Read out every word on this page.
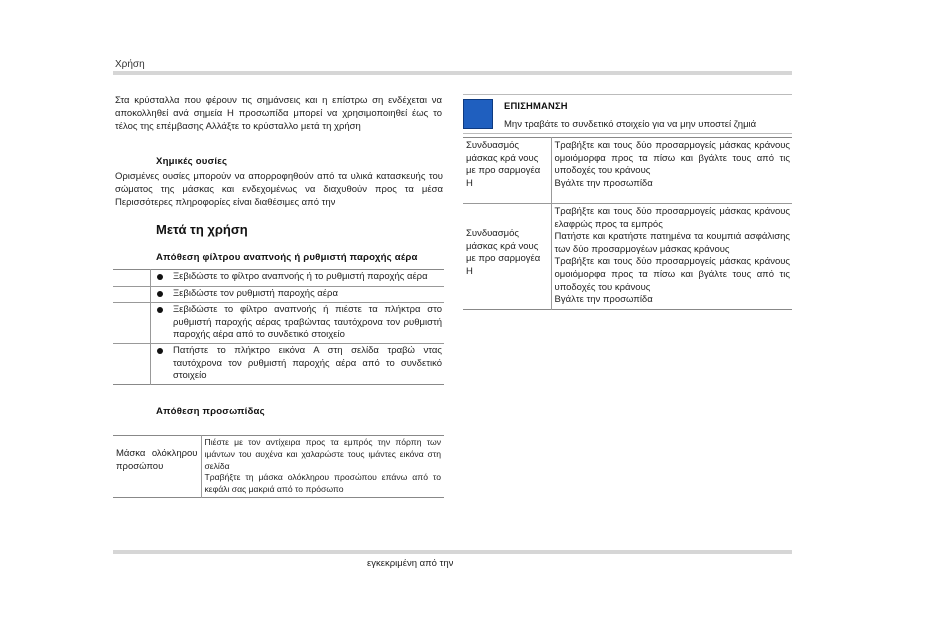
Χρήση
Στα κρύσταλλα που φέρουν τις σημάνσεις και η επίστρω ση ενδέχεται να αποκολληθεί ανά σημεία Η προσωπίδα μπορεί να χρησιμοποιηθεί έως το τέλος της επέμβασης Αλλάξτε το κρύσταλλο μετά τη χρήση
Χημικές ουσίες
Ορισμένες ουσίες μπορούν να απορροφηθούν από τα υλικά κατασκευής του σώματος της μάσκας και ενδεχομένως να διαχυθούν προς τα μέσα Περισσότερες πληροφορίες είναι διαθέσιμες από την
Μετά τη χρήση
Απόθεση φίλτρου αναπνοής ή ρυθμιστή παροχής αέρα
		Ξεβιδώστε το φίλτρο αναπνοής ή το ρυθμιστή παροχής αέρα
		Ξεβιδώστε τον ρυθμιστή παροχής αέρα
		Ξεβιδώστε το φίλτρο αναπνοής ή πιέστε τα πλήκτρα στο ρυθμιστή παροχής αέρας τραβώντας ταυτόχρονα τον ρυθμιστή παροχής αέρα από το συνδετικό στοιχείο
		Πατήστε το πλήκτρο εικόνα Α στη σελίδα τραβώ ντας ταυτόχρονα τον ρυθμιστή παροχής αέρα από το συνδετικό στοιχείο
Απόθεση προσωπίδας
Μάσκα ολόκληρου προσώπου	Πιέστε με τον αντίχειρα προς τα εμπρός την πόρπη των ιμάντων του αυχένα και χαλαρώστε τους ιμάντες εικόνα στη σελίδα
Τραβήξτε τη μάσκα ολόκληρου προσώπου επάνω από το κεφάλι σας μακριά από το πρόσωπο
ΕΠΙΣΗΜΑΝΣΗ
Μην τραβάτε το συνδετικό στοιχείο για να μην υποστεί ζημιά
Συνδυασμός μάσκας κρά νους με προ σαρμογέα H	Τραβήξτε και τους δύο προσαρμογείς μάσκας κράνους ομοιόμορφα προς τα πίσω και βγάλτε τους από τις υποδοχές του κράνους
Βγάλτε την προσωπίδα
Συνδυασμός μάσκας κρά νους με προ σαρμογέα H	Τραβήξτε και τους δύο προσαρμογείς μάσκας κράνους ελαφρώς προς τα εμπρός
Πατήστε και κρατήστε πατημένα τα κουμπιά ασφάλισης των δύο προσαρμογέων μάσκας κράνους
Τραβήξτε και τους δύο προσαρμογείς μάσκας κράνους ομοιόμορφα προς τα πίσω και βγάλτε τους από τις υποδοχές του κράνους
Βγάλτε την προσωπίδα
εγκεκριμένη από την
